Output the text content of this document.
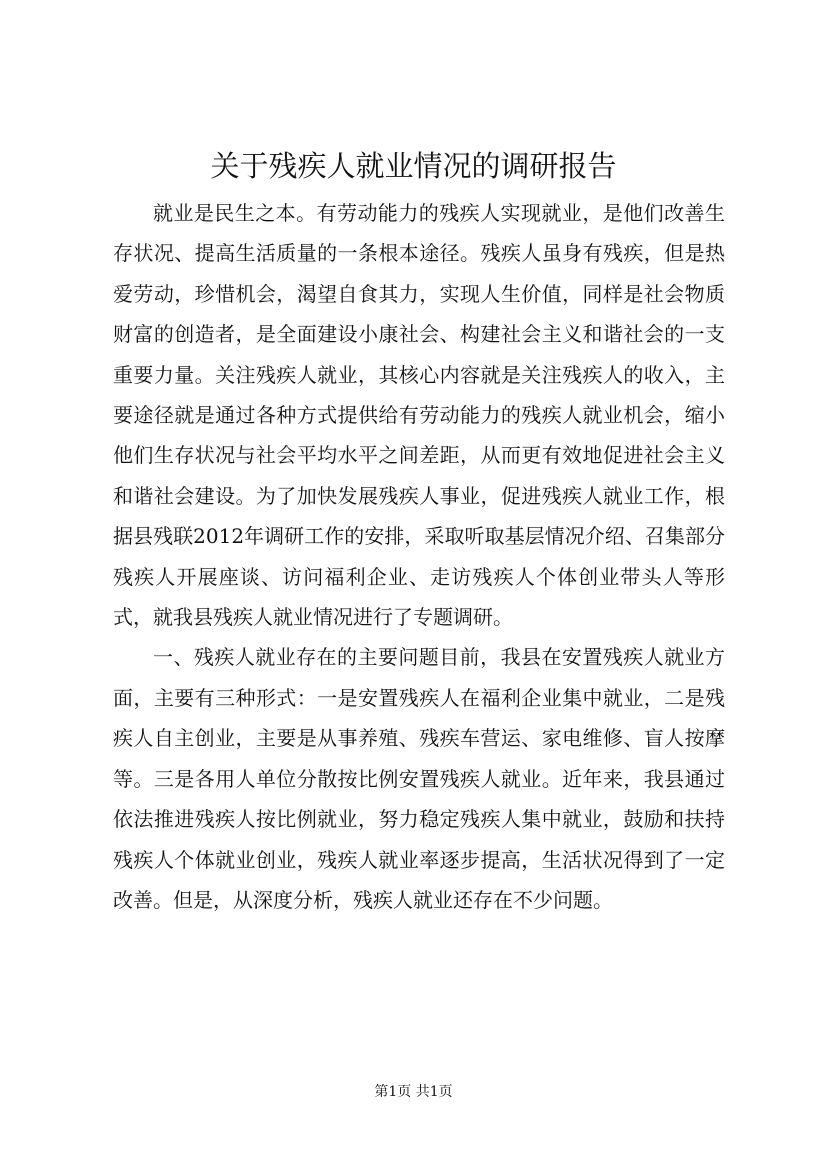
关于残疾人就业情况的调研报告

就业是民生之本。有劳动能力的残疾人实现就业，是他们改善生存状况、提高生活质量的一条根本途径。残疾人虽身有残疾，但是热爱劳动，珍惜机会，渴望自食其力，实现人生价值，同样是社会物质财富的创造者，是全面建设小康社会、构建社会主义和谐社会的一支重要力量。关注残疾人就业，其核心内容就是关注残疾人的收入，主要途径就是通过各种方式提供给有劳动能力的残疾人就业机会，缩小他们生存状况与社会平均水平之间差距，从而更有效地促进社会主义和谐社会建设。为了加快发展残疾人事业，促进残疾人就业工作，根据县残联2012年调研工作的安排，采取听取基层情况介绍、召集部分残疾人开展座谈、访问福利企业、走访残疾人个体创业带头人等形式，就我县残疾人就业情况进行了专题调研。

一、残疾人就业存在的主要问题目前，我县在安置残疾人就业方面，主要有三种形式：一是安置残疾人在福利企业集中就业，二是残疾人自主创业，主要是从事养殖、残疾车营运、家电维修、盲人按摩等。三是各用人单位分散按比例安置残疾人就业。近年来，我县通过依法推进残疾人按比例就业，努力稳定残疾人集中就业，鼓励和扶持残疾人个体就业创业，残疾人就业率逐步提高，生活状况得到了一定改善。但是，从深度分析，残疾人就业还存在不少问题。

第1页 共1页
